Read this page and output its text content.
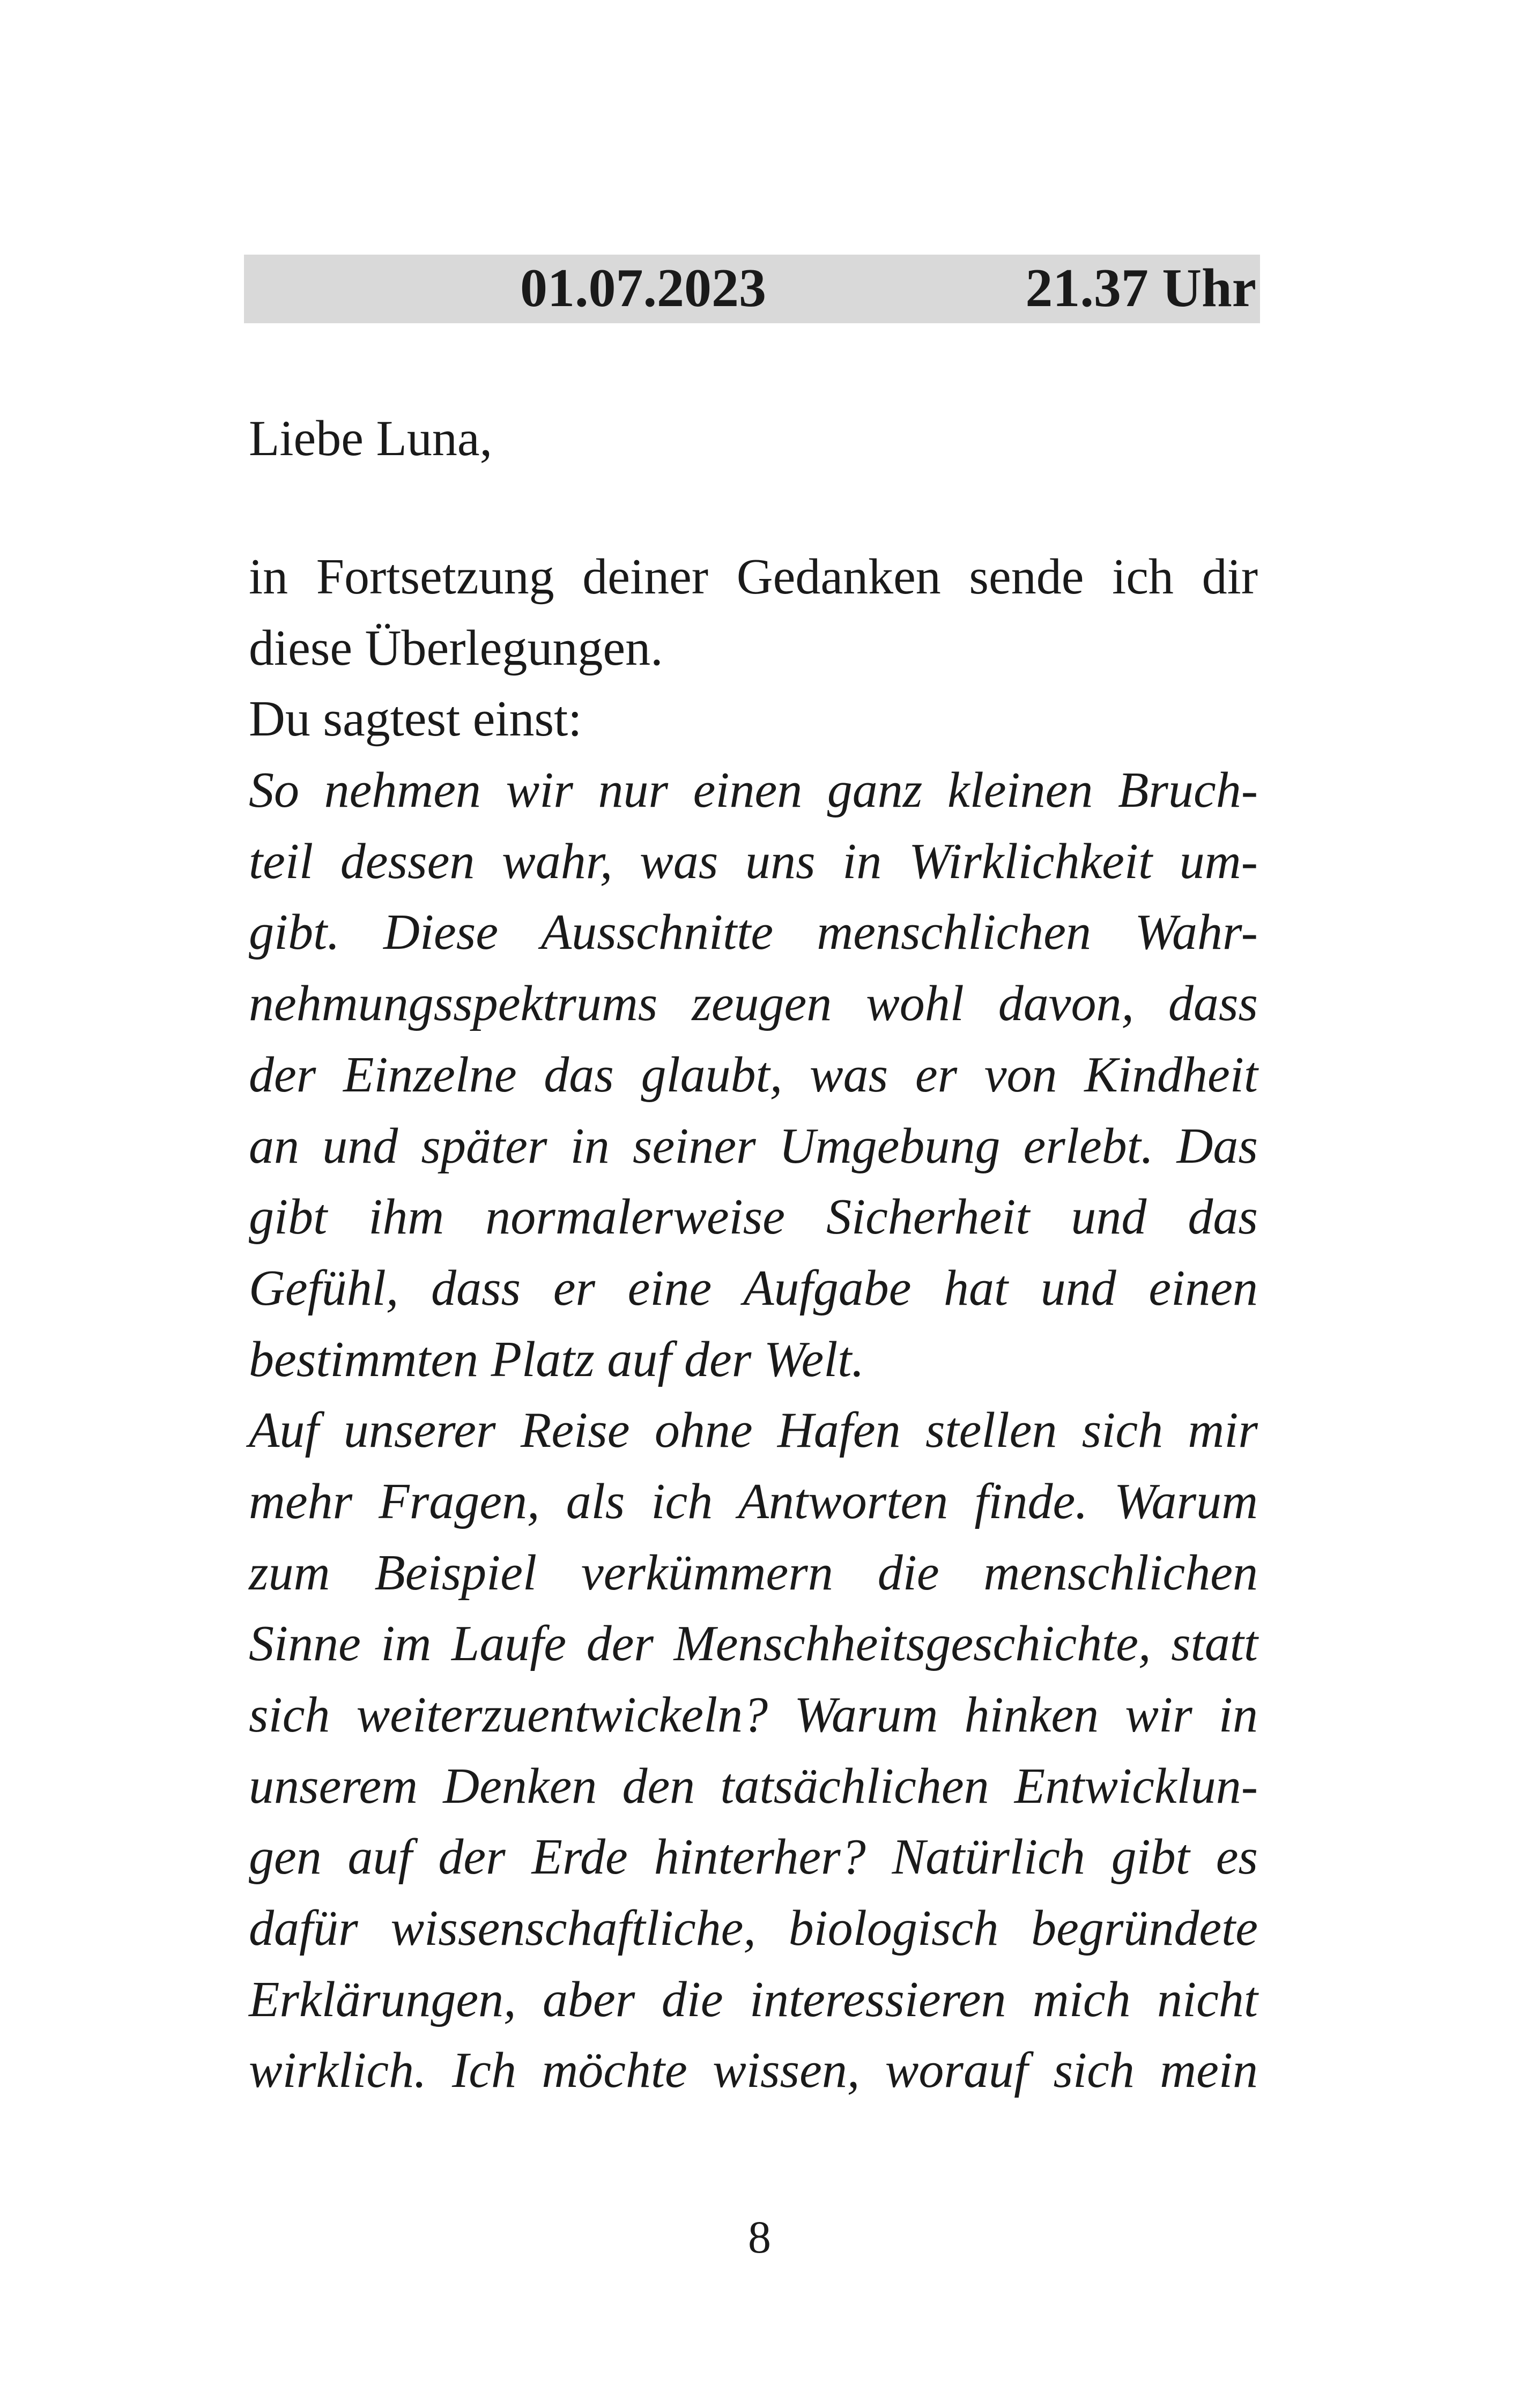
01.07.2023	21.37 Uhr
Liebe Luna,
in Fortsetzung deiner Gedanken sende ich dir
diese Überlegungen.
Du sagtest einst:
So nehmen wir nur einen ganz kleinen Bruch-
teil dessen wahr, was uns in Wirklichkeit um-
gibt. Diese Ausschnitte menschlichen Wahr-
nehmungsspektrums zeugen wohl davon, dass
der Einzelne das glaubt, was er von Kindheit
an und später in seiner Umgebung erlebt. Das
gibt ihm normalerweise Sicherheit und das
Gefühl, dass er eine Aufgabe hat und einen
bestimmten Platz auf der Welt.
Auf unserer Reise ohne Hafen stellen sich mir
mehr Fragen, als ich Antworten finde. Warum
zum Beispiel verkümmern die menschlichen
Sinne im Laufe der Menschheitsgeschichte, statt
sich weiterzuentwickeln? Warum hinken wir in
unserem Denken den tatsächlichen Entwicklun-
gen auf der Erde hinterher? Natürlich gibt es
dafür wissenschaftliche, biologisch begründete
Erklärungen, aber die interessieren mich nicht
wirklich. Ich möchte wissen, worauf sich mein
8
